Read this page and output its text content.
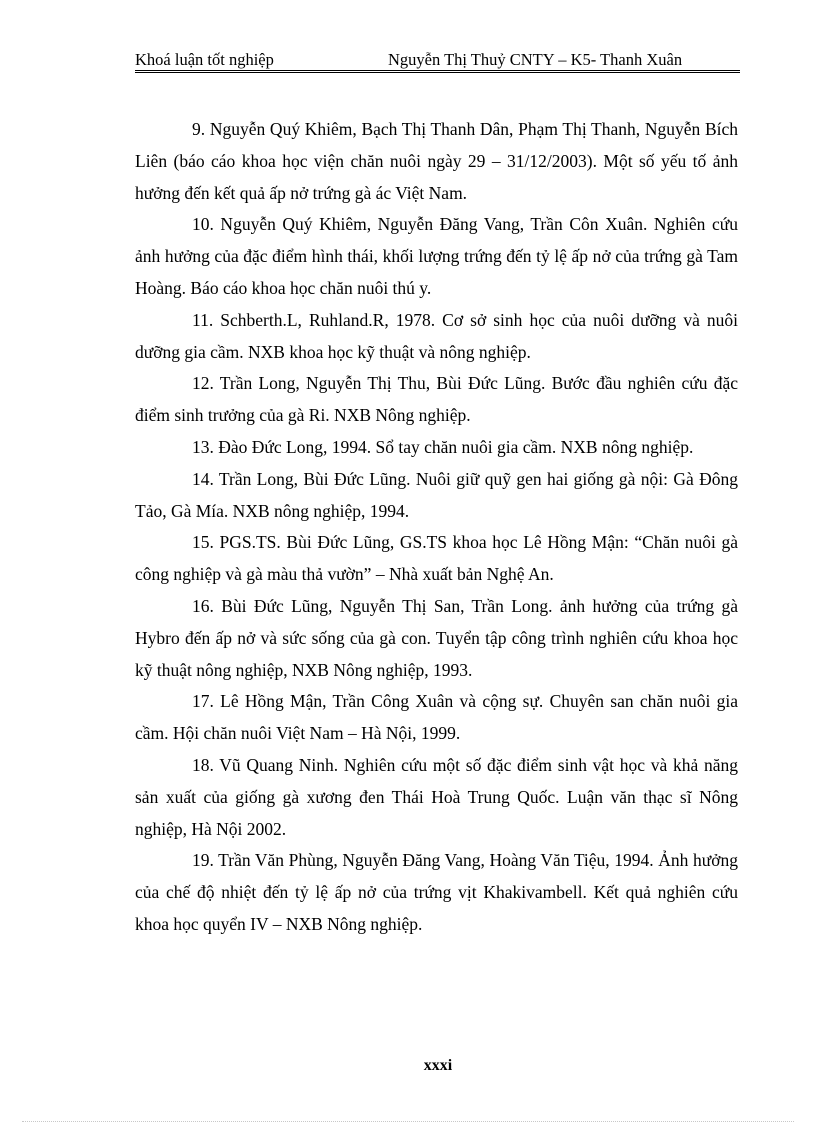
Khoá luận tốt nghiệp	Nguyễn Thị Thuỷ CNTY – K5- Thanh Xuân

9. Nguyễn Quý Khiêm, Bạch Thị Thanh Dân, Phạm Thị Thanh, Nguyễn Bích Liên (báo cáo khoa học viện chăn nuôi ngày 29 – 31/12/2003). Một số yếu tố ảnh hưởng đến kết quả ấp nở trứng gà ác Việt Nam.

10. Nguyễn Quý Khiêm, Nguyễn Đăng Vang, Trần Côn Xuân. Nghiên cứu ảnh hưởng của đặc điểm hình thái, khối lượng trứng đến tỷ lệ ấp nở của trứng gà Tam Hoàng. Báo cáo khoa học chăn nuôi thú y.

11. Schberth.L, Ruhland.R, 1978. Cơ sở sinh học của nuôi dưỡng và nuôi dưỡng gia cầm. NXB khoa học kỹ thuật và nông nghiệp.

12. Trần Long, Nguyễn Thị Thu, Bùi Đức Lũng. Bước đầu nghiên cứu đặc điểm sinh trưởng của gà Ri. NXB Nông nghiệp.

13. Đào Đức Long, 1994. Sổ tay chăn nuôi gia cầm. NXB nông nghiệp.

14. Trần Long, Bùi Đức Lũng. Nuôi giữ quỹ gen hai giống gà nội: Gà Đông Tảo, Gà Mía. NXB nông nghiệp, 1994.

15. PGS.TS. Bùi Đức Lũng, GS.TS khoa học Lê Hồng Mận: “Chăn nuôi gà công nghiệp và gà màu thả vườn” – Nhà xuất bản Nghệ An.

16. Bùi Đức Lũng, Nguyễn Thị San, Trần Long. ảnh hưởng của trứng gà Hybro đến ấp nở và sức sống của gà con. Tuyển tập công trình nghiên cứu khoa học kỹ thuật nông nghiệp, NXB Nông nghiệp, 1993.

17. Lê Hồng Mận, Trần Công Xuân và cộng sự. Chuyên san chăn nuôi gia cầm. Hội chăn nuôi Việt Nam – Hà Nội, 1999.

18. Vũ Quang Ninh. Nghiên cứu một số đặc điểm sinh vật học và khả năng sản xuất của giống gà xương đen Thái Hoà Trung Quốc. Luận văn thạc sĩ Nông nghiệp, Hà Nội 2002.

19. Trần Văn Phùng, Nguyễn Đăng Vang, Hoàng Văn Tiệu, 1994. Ảnh hưởng của chế độ nhiệt đến tỷ lệ ấp nở của trứng vịt Khakivambell. Kết quả nghiên cứu khoa học quyển IV – NXB Nông nghiệp.

xxxi
